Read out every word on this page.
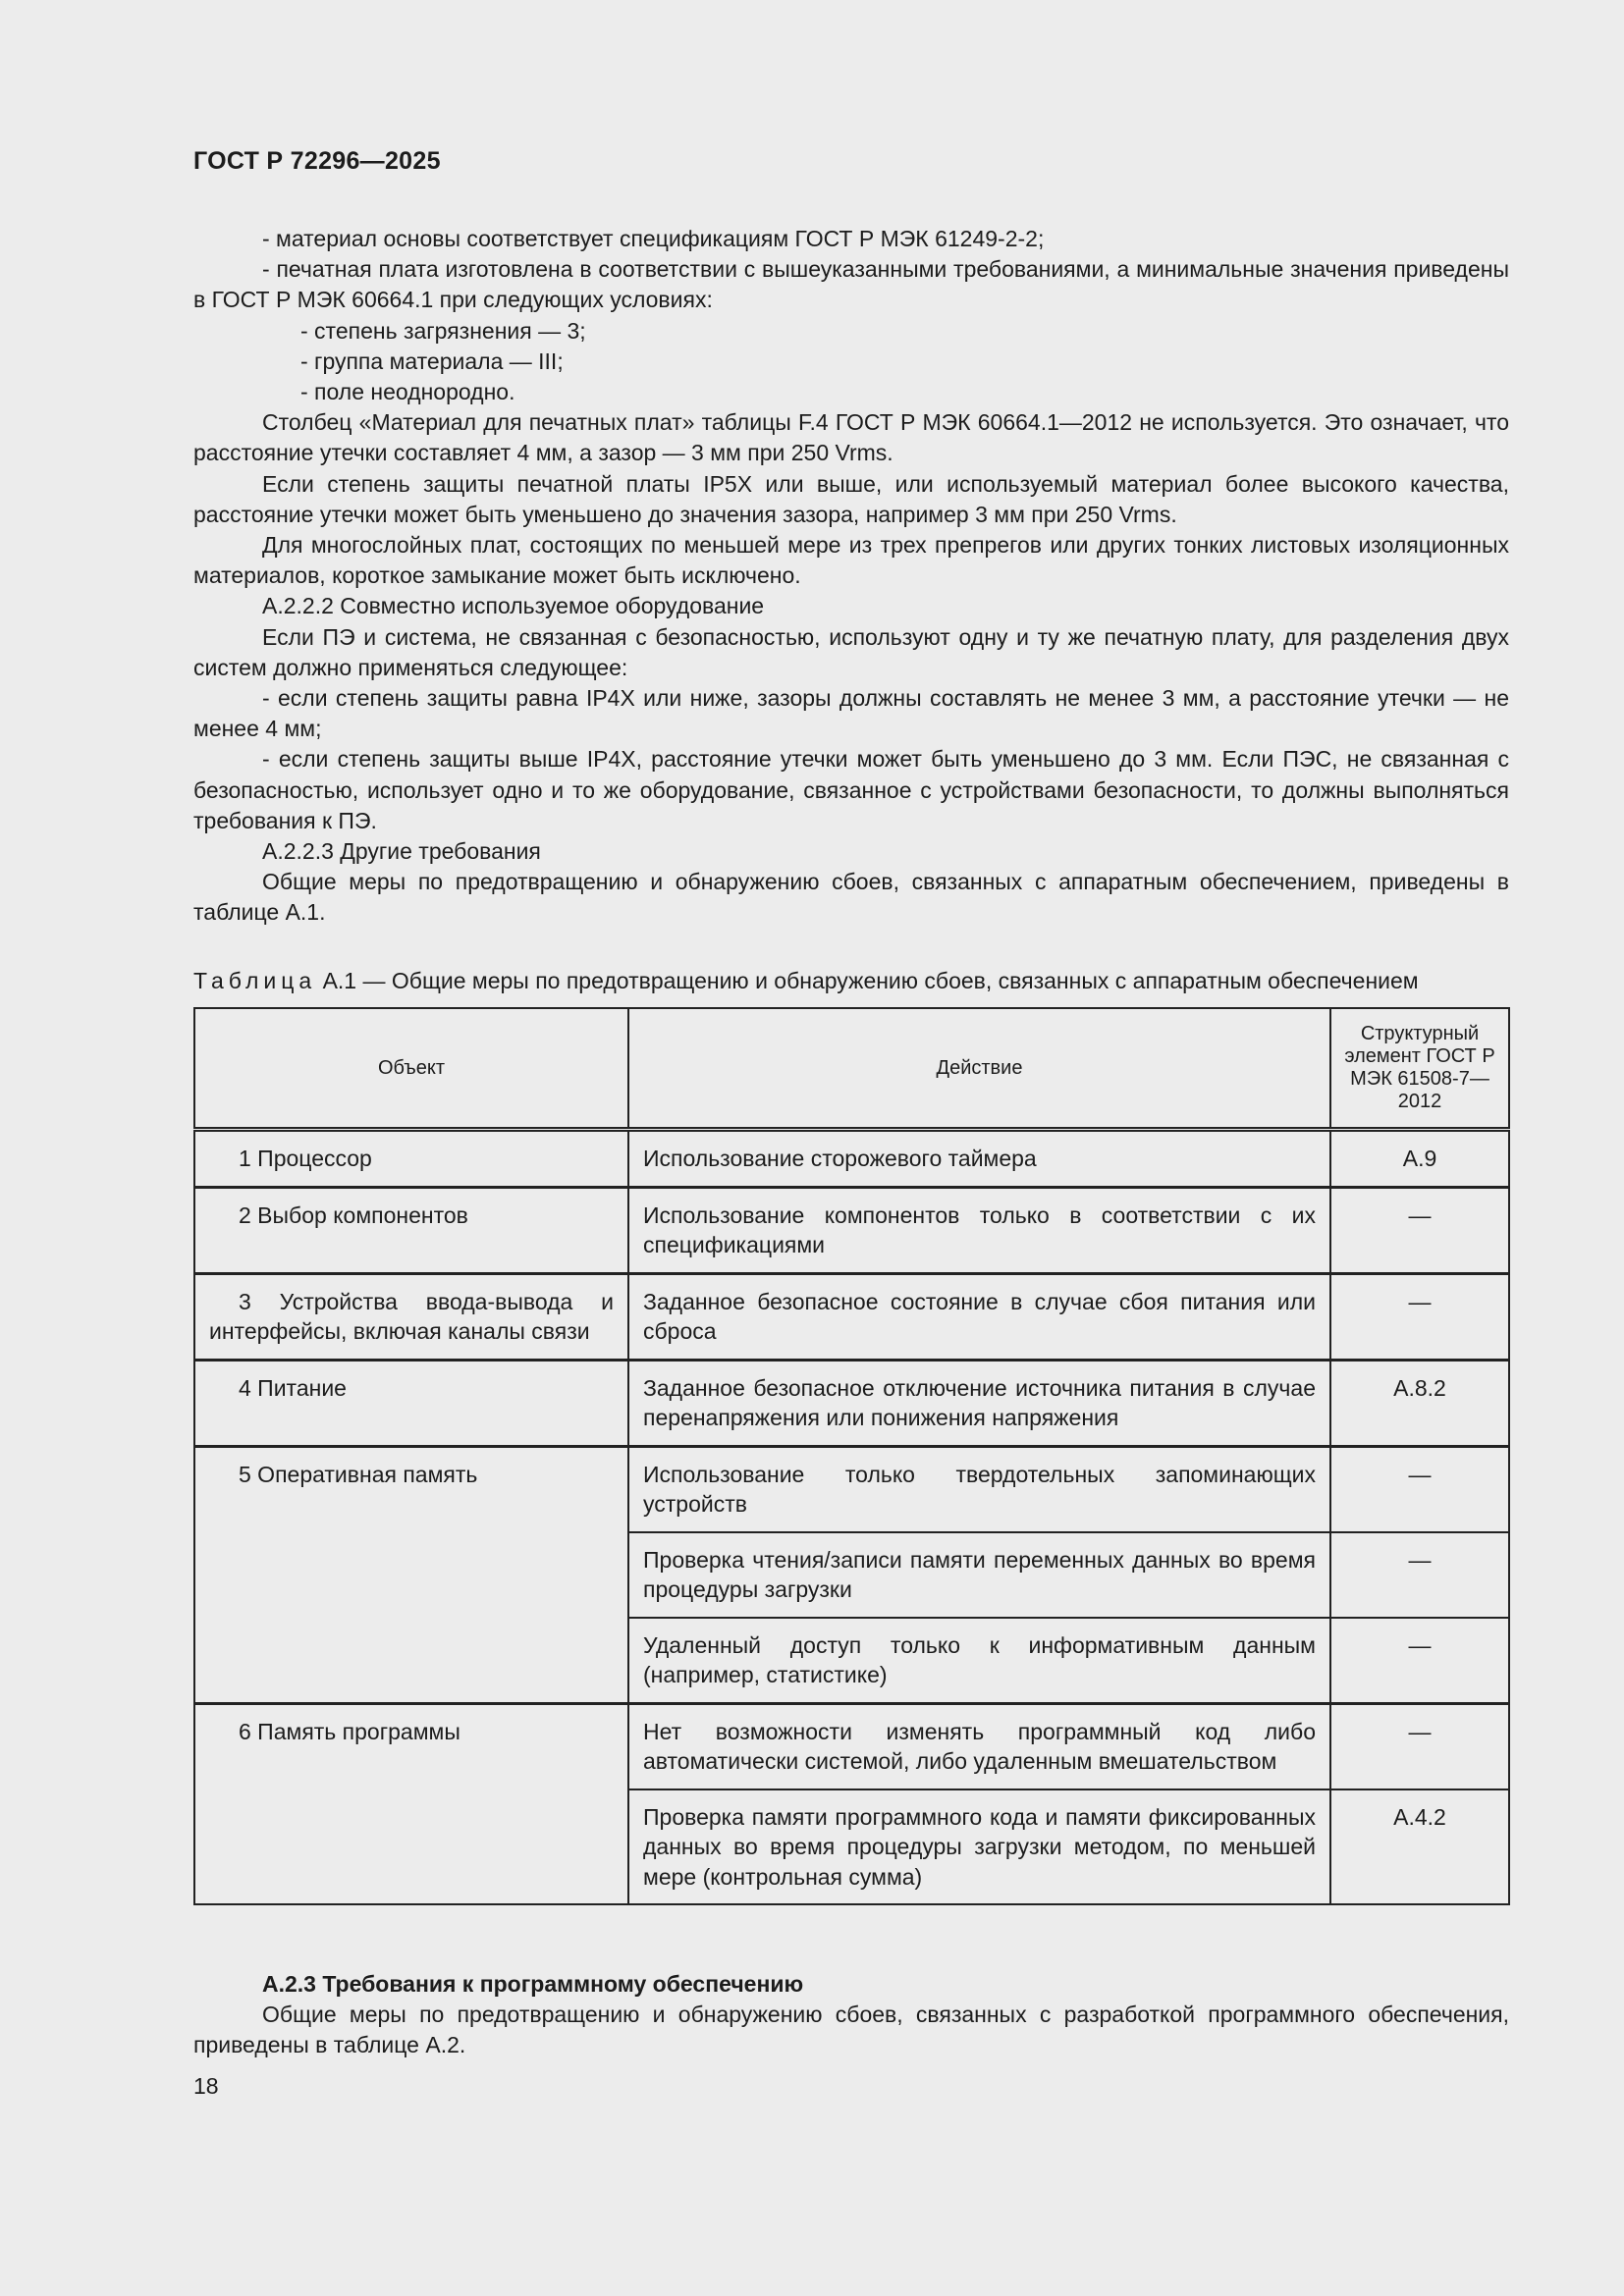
ГОСТ Р 72296—2025

- материал основы соответствует спецификациям ГОСТ Р МЭК 61249-2-2;

- печатная плата изготовлена в соответствии с вышеуказанными требованиями, а минимальные значения приведены в ГОСТ Р МЭК 60664.1 при следующих условиях:

- степень загрязнения — 3;

- группа материала — III;

- поле неоднородно.

Столбец «Материал для печатных плат» таблицы F.4 ГОСТ Р МЭК 60664.1—2012 не используется. Это означает, что расстояние утечки составляет 4 мм, а зазор — 3 мм при 250 Vrms.

Если степень защиты печатной платы IP5X или выше, или используемый материал более высокого качества, расстояние утечки может быть уменьшено до значения зазора, например 3 мм при 250 Vrms.

Для многослойных плат, состоящих по меньшей мере из трех препрегов или других тонких листовых изоляционных материалов, короткое замыкание может быть исключено.

А.2.2.2 Совместно используемое оборудование

Если ПЭ и система, не связанная с безопасностью, используют одну и ту же печатную плату, для разделения двух систем должно применяться следующее:

- если степень защиты равна IP4X или ниже, зазоры должны составлять не менее 3 мм, а расстояние утечки — не менее 4 мм;

- если степень защиты выше IP4X, расстояние утечки может быть уменьшено до 3 мм. Если ПЭС, не связанная с безопасностью, использует одно и то же оборудование, связанное с устройствами безопасности, то должны выполняться требования к ПЭ.

А.2.2.3 Другие требования

Общие меры по предотвращению и обнаружению сбоев, связанных с аппаратным обеспечением, приведены в таблице А.1.

Таблица А.1 — Общие меры по предотвращению и обнаружению сбоев, связанных с аппаратным обеспечением
Объект	Действие	Структурный элемент ГОСТ Р МЭК 61508-7—2012

1 Процессор	Использование сторожевого таймера	А.9

2 Выбор компонентов	Использование компонентов только в соответствии с их спецификациями	—

3 Устройства ввода-вывода и интерфейсы, включая каналы связи	Заданное безопасное состояние в случае сбоя питания или сброса	—

4 Питание	Заданное безопасное отключение источника питания в случае перенапряжения или понижения напряжения	А.8.2

5 Оперативная память	Использование только твердотельных запоминающих устройств	—
	Проверка чтения/записи памяти переменных данных во время процедуры загрузки	—
	Удаленный доступ только к информативным данным (например, статистике)	—

6 Память программы	Нет возможности изменять программный код либо автоматически системой, либо удаленным вмешательством	—
	Проверка памяти программного кода и памяти фиксированных данных во время процедуры загрузки методом, по меньшей мере (контрольная сумма)	А.4.2

А.2.3 Требования к программному обеспечению

Общие меры по предотвращению и обнаружению сбоев, связанных с разработкой программного обеспечения, приведены в таблице А.2.

18
